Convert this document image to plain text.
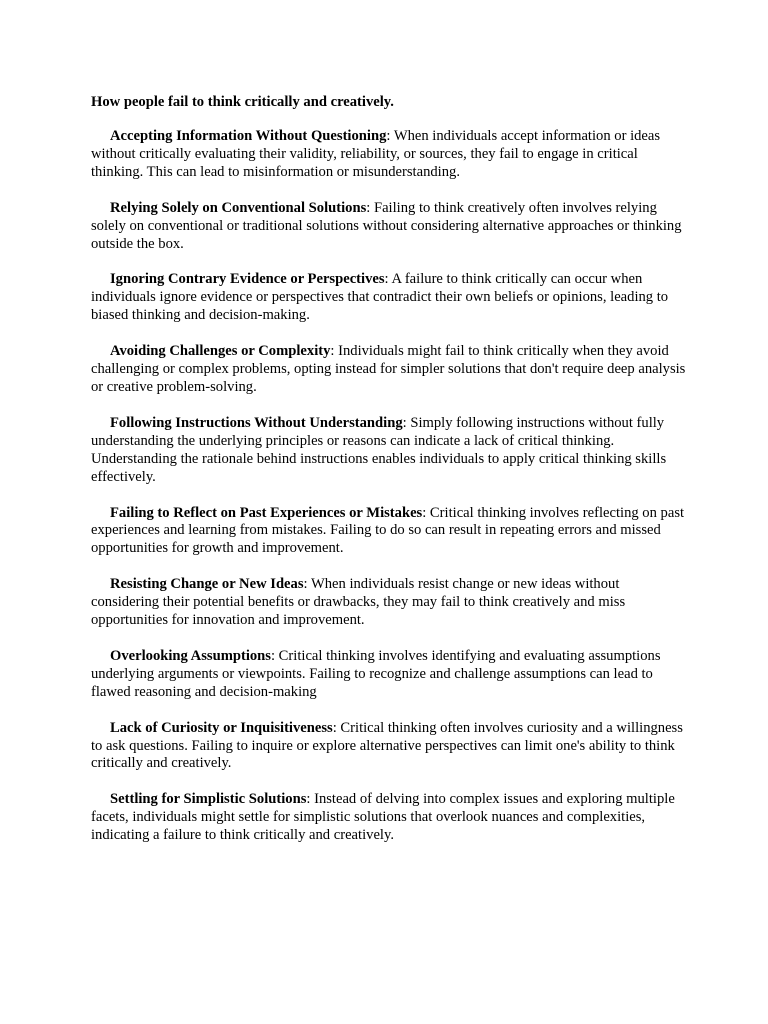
How people fail to think critically and creatively.

Accepting Information Without Questioning: When individuals accept information or ideas without critically evaluating their validity, reliability, or sources, they fail to engage in critical thinking. This can lead to misinformation or misunderstanding.

Relying Solely on Conventional Solutions: Failing to think creatively often involves relying solely on conventional or traditional solutions without considering alternative approaches or thinking outside the box.

Ignoring Contrary Evidence or Perspectives: A failure to think critically can occur when individuals ignore evidence or perspectives that contradict their own beliefs or opinions, leading to biased thinking and decision-making.

Avoiding Challenges or Complexity: Individuals might fail to think critically when they avoid challenging or complex problems, opting instead for simpler solutions that don't require deep analysis or creative problem-solving.

Following Instructions Without Understanding: Simply following instructions without fully understanding the underlying principles or reasons can indicate a lack of critical thinking. Understanding the rationale behind instructions enables individuals to apply critical thinking skills effectively.

Failing to Reflect on Past Experiences or Mistakes: Critical thinking involves reflecting on past experiences and learning from mistakes. Failing to do so can result in repeating errors and missed opportunities for growth and improvement.

Resisting Change or New Ideas: When individuals resist change or new ideas without considering their potential benefits or drawbacks, they may fail to think creatively and miss opportunities for innovation and improvement.

Overlooking Assumptions: Critical thinking involves identifying and evaluating assumptions underlying arguments or viewpoints. Failing to recognize and challenge assumptions can lead to flawed reasoning and decision-making

Lack of Curiosity or Inquisitiveness: Critical thinking often involves curiosity and a willingness to ask questions. Failing to inquire or explore alternative perspectives can limit one's ability to think critically and creatively.

Settling for Simplistic Solutions: Instead of delving into complex issues and exploring multiple facets, individuals might settle for simplistic solutions that overlook nuances and complexities, indicating a failure to think critically and creatively.
